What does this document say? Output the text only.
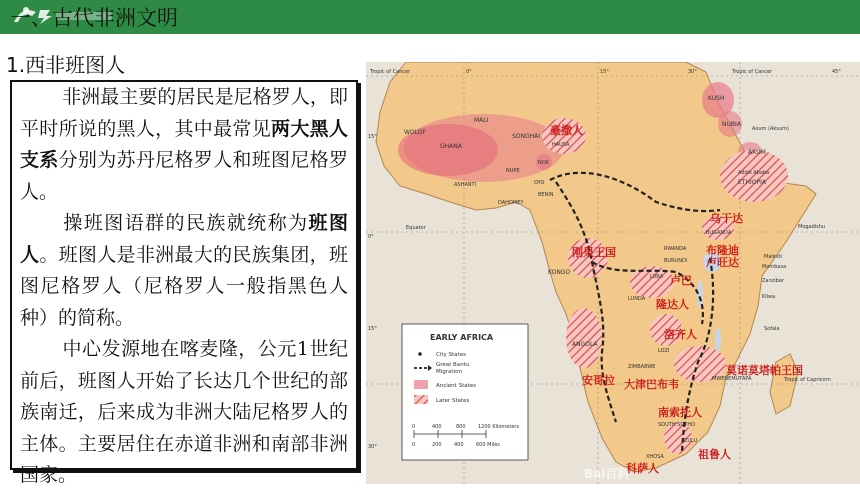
一、古代非洲文明
1.西非班图人

非洲最主要的居民是尼格罗人，即平时所说的黑人，其中最常见两大黑人支系分别为苏丹尼格罗人和班图尼格罗人。

操班图语群的民族就统称为班图人。班图人是非洲最大的民族集团，班图尼格罗人（尼格罗人一般指黑色人种）的简称。

中心发源地在喀麦隆，公元1世纪前后，班图人开始了长达几个世纪的部族南迁，后来成为非洲大陆尼格罗人的主体。主要居住在赤道非洲和南部非洲国家。

Tropic of Cancer	Tropic of Cancer
Equator
Tropic of Capricorn
0°	15°	30°	45°
15°
0°
15°
30°
WOLOF
MALI
SONGHAI
GHANA	HAUSA
NOK
NUPE
OYO
BENIN
ASHANTI
DAHOMEY
KUSH
NUBIA
Axum (Aksum)
AXUM
Addis Ababa
ETHIOPIA
Mogadishu
BUGANDA
RWANDA
BURUNDI
Malindi
Mombasa
Zanzibar
Kilwa
KONGO
LUBA
LUNDA
LOZI
ANGOLA
ZIMBABWE
MWENEMUTAPA
Sofala
SOUTH SOTHO
XHOSA
ZULU
豪撒人
乌干达
刚果王国	布隆迪
卢旺达
卢巴
隆达人
洛齐人
安哥拉 大津巴布韦
莫诺莫塔帕王国
南索托人
祖鲁人
科萨人
EARLY AFRICA
City States
Great Bantu
Migration
Ancient States
Later States
0	400	800 1200 Kilometers
0	200 400 600 Miles
Bai百科
